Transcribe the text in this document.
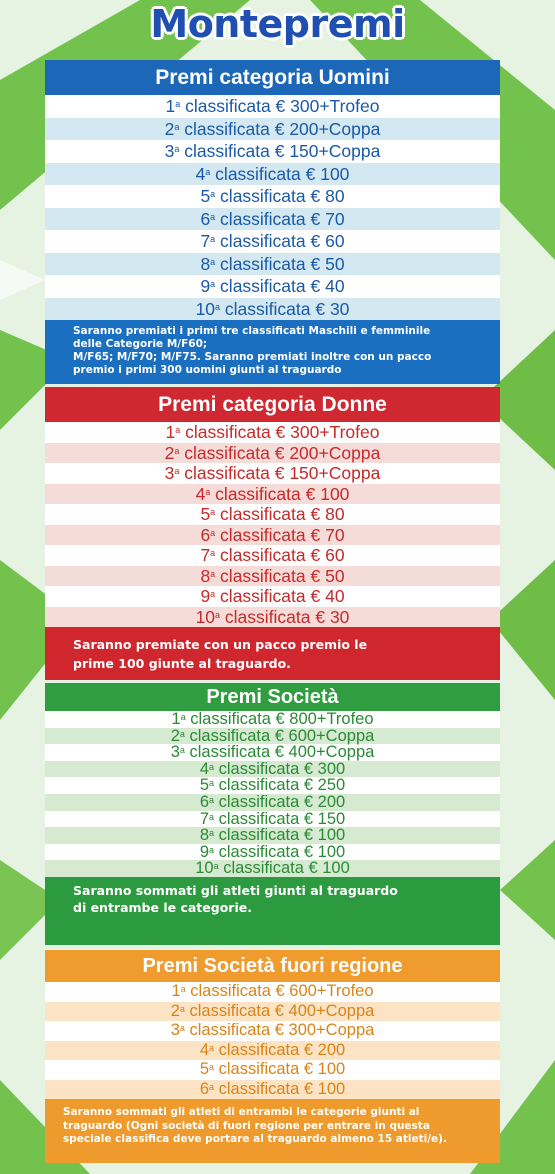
Montepremi
Premi categoria Uomini
1$^a$ classificata € 300+Trofeo
2$^a$ classificata € 200+Coppa
3$^a$ classificata € 150+Coppa
4$^a$ classificata € 100
5$^a$ classificata € 80
6$^a$ classificata € 70
7$^a$ classificata € 60
8$^a$ classificata € 50
9$^a$ classificata € 40
10$^a$ classificata € 30
Saranno premiati i primi tre classificati Maschili e femminile
delle Categorie M/F60;
M/F65; M/F70; M/F75. Saranno premiati inoltre con un pacco
premio i primi 300 uomini giunti al traguardo
Premi categoria Donne
1$^a$ classificata € 300+Trofeo
2$^a$ classificata € 200+Coppa
3$^a$ classificata € 150+Coppa
4$^a$ classificata € 100
5$^a$ classificata € 80
6$^a$ classificata € 70
7$^a$ classificata € 60
8$^a$ classificata € 50
9$^a$ classificata € 40
10$^a$ classificata € 30
Saranno premiate con un pacco premio le
prime 100 giunte al traguardo.
Premi Società
1$^a$ classificata € 800+Trofeo
2$^a$ classificata € 600+Coppa
3$^a$ classificata € 400+Coppa
4$^a$ classificata € 300
5$^a$ classificata € 250
6$^a$ classificata € 200
7$^a$ classificata € 150
8$^a$ classificata € 100
9$^a$ classificata € 100
10$^a$ classificata € 100
Saranno sommati gli atleti giunti al traguardo
di entrambe le categorie.
Premi Società fuori regione
1$^a$ classificata € 600+Trofeo
2$^a$ classificata € 400+Coppa
3$^a$ classificata € 300+Coppa
4$^a$ classificata € 200
5$^a$ classificata € 100
6$^a$ classificata € 100
Saranno sommati gli atleti di entrambi le categorie giunti al
traguardo (Ogni società di fuori regione per entrare in questa
speciale classifica deve portare al traguardo almeno 15 atleti/e).
